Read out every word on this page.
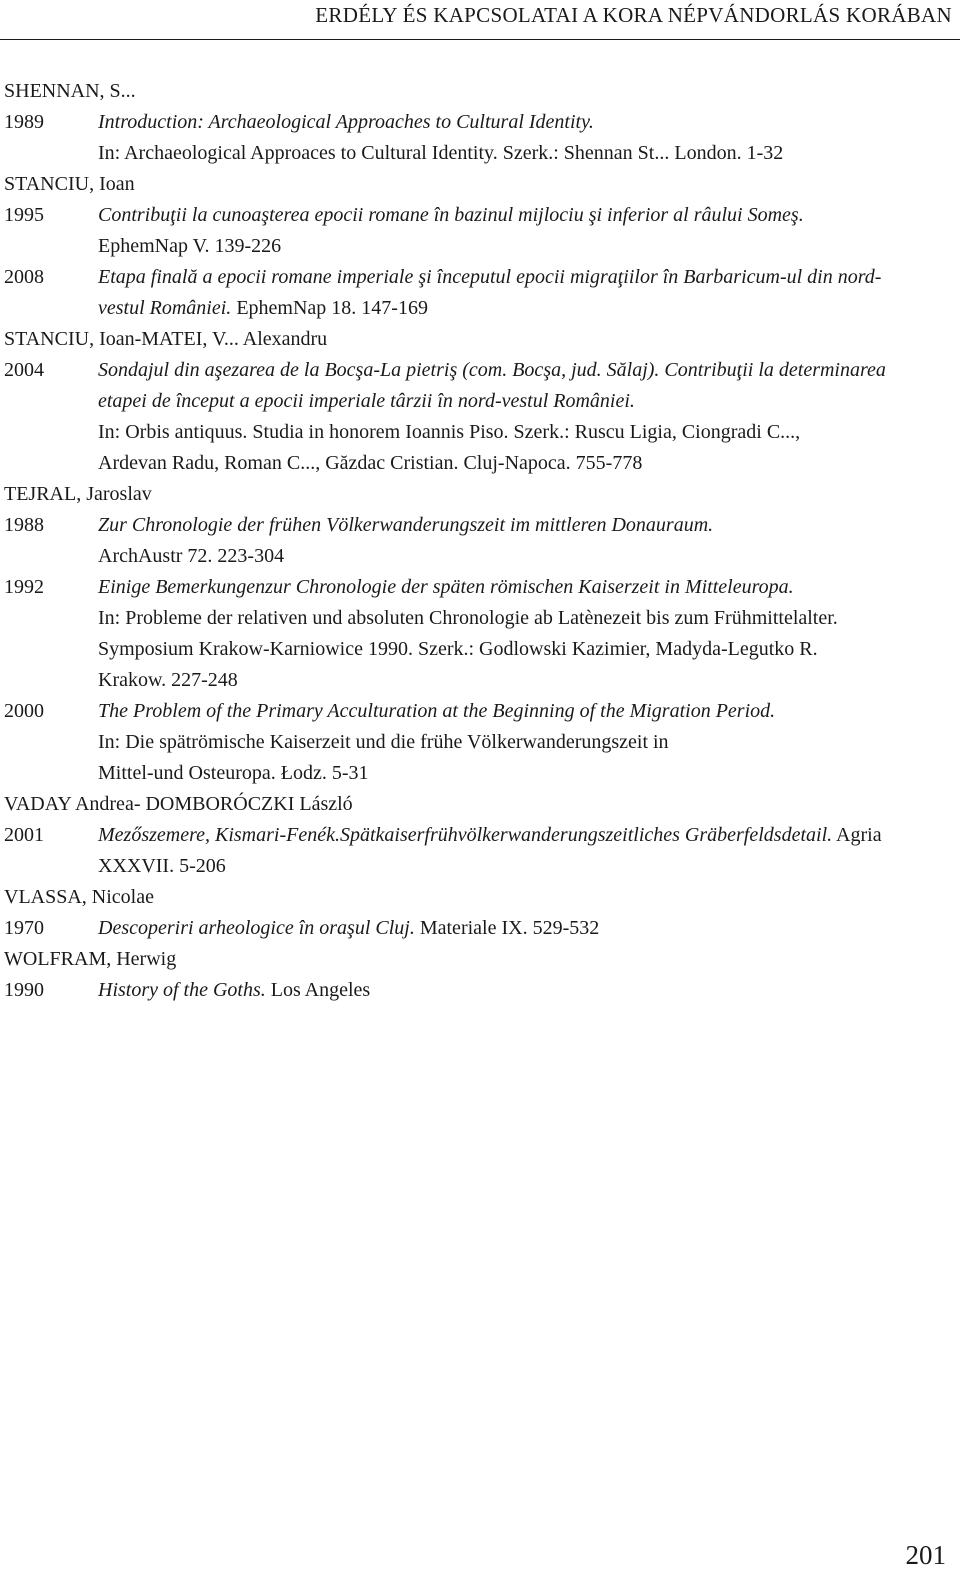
ERDÉLY ÉS KAPCSOLATAI A KORA NÉPVÁNDORLÁS KORÁBAN
SHENNAN, S...
1989	Introduction: Archaeological Approaches to Cultural Identity.
In: Archaeological Approaces to Cultural Identity. Szerk.: Shennan St... London. 1-32
STANCIU, Ioan
1995	Contribuţii la cunoaşterea epocii romane în bazinul mijlociu şi inferior al râului Someş.
EphemNap V. 139-226
2008	Etapa finală a epocii romane imperiale şi începutul epocii migraţiilor în Barbaricum-ul din nord-
vestul României. EphemNap 18. 147-169
STANCIU, Ioan-MATEI, V... Alexandru
2004	Sondajul din aşezarea de la Bocşa-La pietriş (com. Bocşa, jud. Sălaj). Contribuţii la determinarea
etapei de început a epocii imperiale târzii în nord-vestul României.
In: Orbis antiquus. Studia in honorem Ioannis Piso. Szerk.: Ruscu Ligia, Ciongradi C...,
Ardevan Radu, Roman C..., Găzdac Cristian. Cluj-Napoca. 755-778
TEJRAL, Jaroslav
1988	Zur Chronologie der frühen Völkerwanderungszeit im mittleren Donauraum.
ArchAustr 72. 223-304
1992	Einige Bemerkungenzur Chronologie der späten römischen Kaiserzeit in Mitteleuropa.
In: Probleme der relativen und absoluten Chronologie ab Latènezeit bis zum Frühmittelalter.
Symposium Krakow-Karniowice 1990. Szerk.: Godlowski Kazimier, Madyda-Legutko R.
Krakow. 227-248
2000	The Problem of the Primary Acculturation at the Beginning of the Migration Period.
In: Die spätrömische Kaiserzeit und die frühe Völkerwanderungszeit in
Mittel-und Osteuropa. Łodz. 5-31
VADAY Andrea- DOMBORÓCZKI László
2001	Mezőszemere, Kismari-Fenék.Spätkaiserfrühvölkerwanderungszeitliches Gräberfeldsdetail. Agria
XXXVII. 5-206
VLASSA, Nicolae
1970	Descoperiri arheologice în oraşul Cluj. Materiale IX. 529-532
WOLFRAM, Herwig
1990	History of the Goths. Los Angeles
201
